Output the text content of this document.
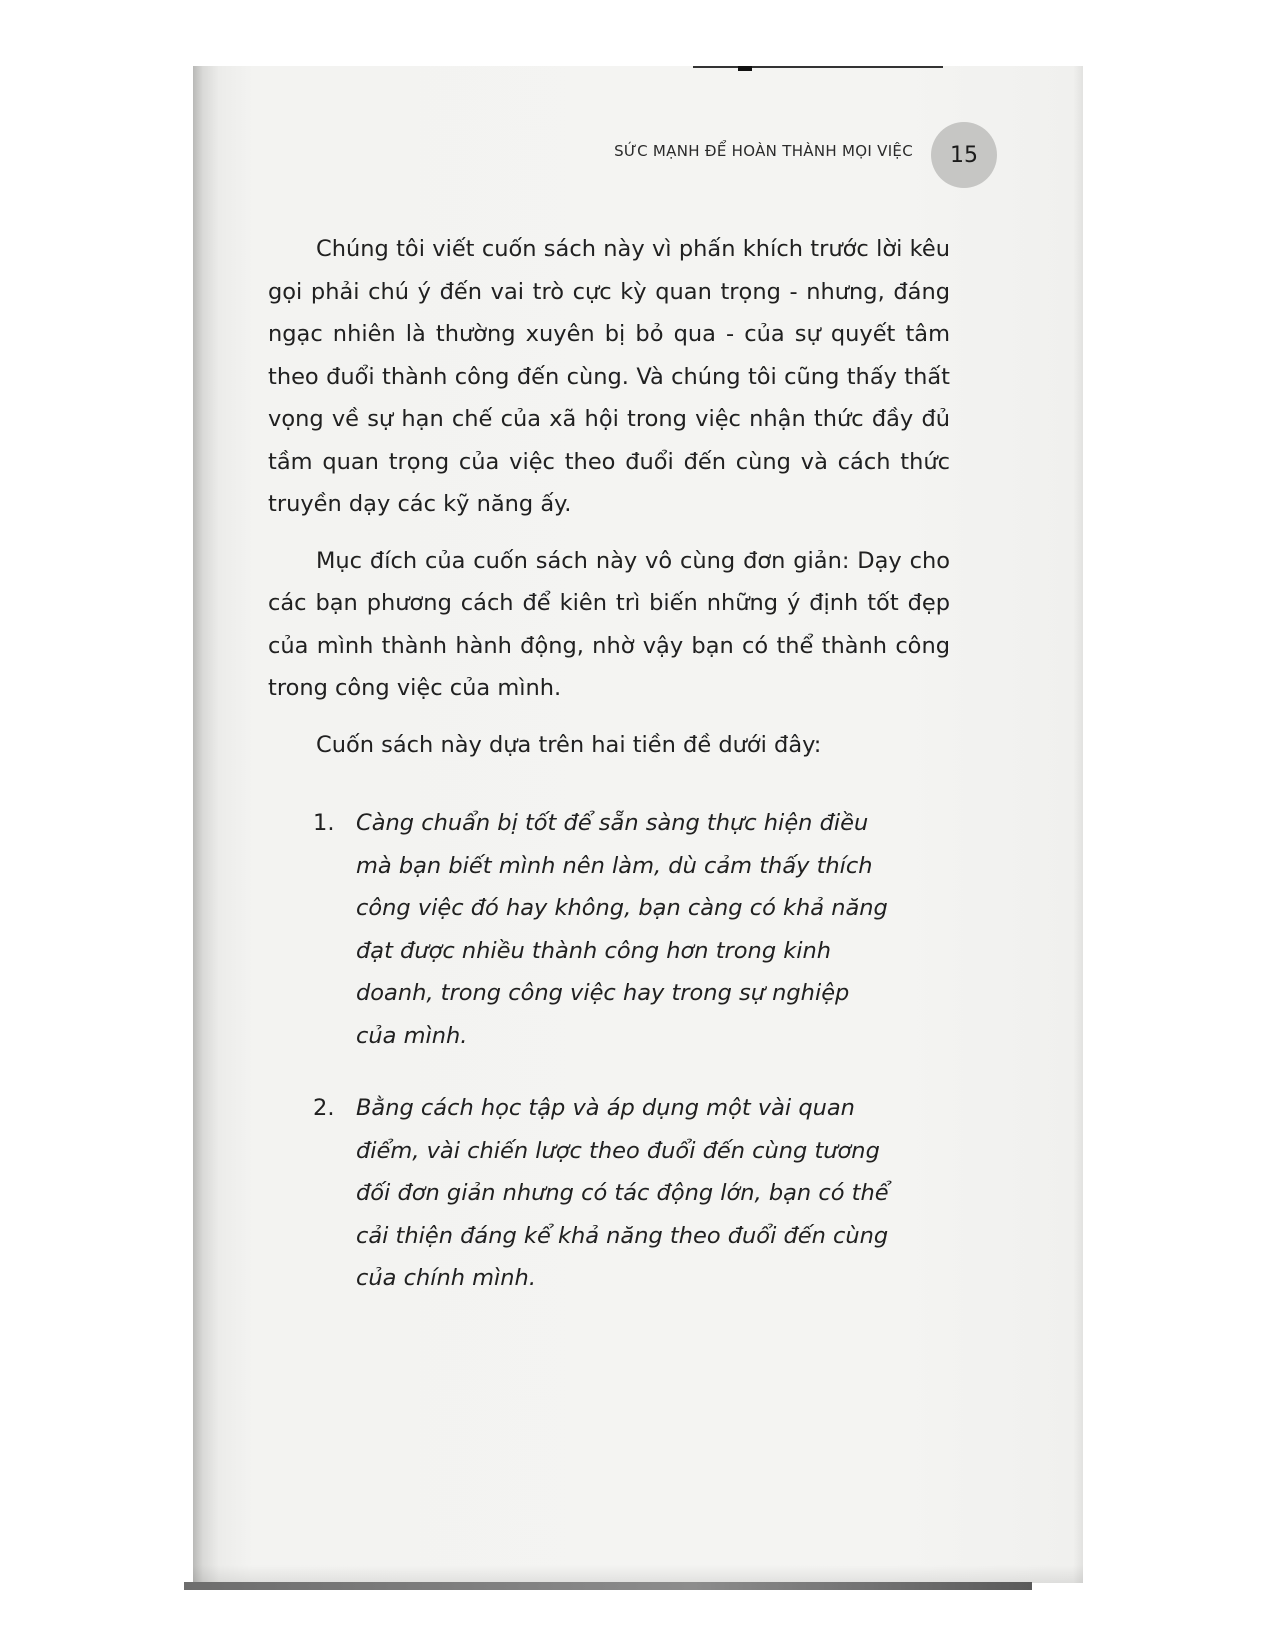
SỨC MẠNH ĐỂ HOÀN THÀNH MỌI VIỆC 15

Chúng tôi viết cuốn sách này vì phấn khích trước lời kêu gọi phải chú ý đến vai trò cực kỳ quan trọng - nhưng, đáng ngạc nhiên là thường xuyên bị bỏ qua - của sự quyết tâm theo đuổi thành công đến cùng. Và chúng tôi cũng thấy thất vọng về sự hạn chế của xã hội trong việc nhận thức đầy đủ tầm quan trọng của việc theo đuổi đến cùng và cách thức truyền dạy các kỹ năng ấy.

Mục đích của cuốn sách này vô cùng đơn giản: Dạy cho các bạn phương cách để kiên trì biến những ý định tốt đẹp của mình thành hành động, nhờ vậy bạn có thể thành công trong công việc của mình.

Cuốn sách này dựa trên hai tiền đề dưới đây:

1. Càng chuẩn bị tốt để sẵn sàng thực hiện điều mà bạn biết mình nên làm, dù cảm thấy thích công việc đó hay không, bạn càng có khả năng đạt được nhiều thành công hơn trong kinh doanh, trong công việc hay trong sự nghiệp của mình.
2. Bằng cách học tập và áp dụng một vài quan điểm, vài chiến lược theo đuổi đến cùng tương đối đơn giản nhưng có tác động lớn, bạn có thể cải thiện đáng kể khả năng theo đuổi đến cùng của chính mình.
